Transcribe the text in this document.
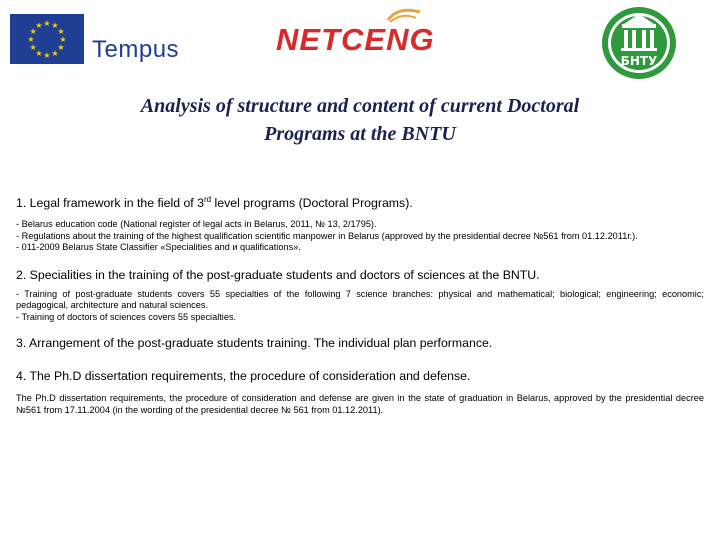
★ ★
★
★
★
★
★
★
★
★
★
★
Tempus	NETCENG
БНТУ
Analysis of structure and content of current Doctoral
Programs at the BNTU
1. Legal framework in the field of 3rd level programs (Doctoral Programs).
- Belarus education code (National register of legal acts in Belarus, 2011, № 13, 2/1795).
- Regulations about the training of the highest qualification scientific manpower in Belarus (approved by the presidential decree №561 from 01.12.2011г.).
- 011-2009 Belarus State Classifier «Specialities and и qualifications».
2. Specialities in the training of the post-graduate students and doctors of sciences at the BNTU.
- Training of post-graduate students covers 55 specialties of the following 7 science branches: physical and mathematical; biological; engineering; economic; pedagogical, architecture and natural sciences.
- Training of doctors of sciences covers 55 specialties.
3. Arrangement of the post-graduate students training. The individual plan performance.
4. The Ph.D dissertation requirements, the procedure of consideration and defense.
The Ph.D dissertation requirements, the procedure of consideration and defense are given in the state of graduation in Belarus, approved by the presidential decree №561 from 17.11.2004 (in the wording of the presidential decree № 561 from 01.12.2011).
